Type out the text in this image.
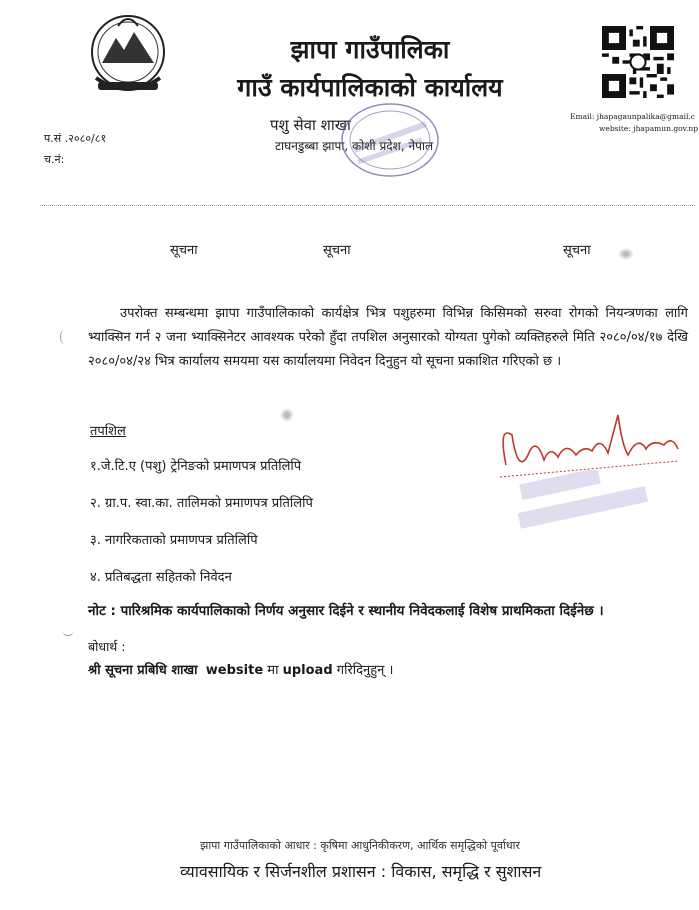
झापा गाउँपालिका
गाउँ कार्यपालिकाको कार्यालय
पशु सेवा शाखा
टाघनडुब्बा झापा, कोशी प्रदेश, नेपाल
Email: jhapagaunpalika@gmail.c
website: jhapamun.gov.np
प.सं .२०८०/८१
च.नं:
सूचना	सूचना	सूचना
उपरोक्त सम्बन्धमा झापा गाउँपालिकाको कार्यक्षेत्र भित्र पशुहरुमा विभिन्न किसिमको सरुवा रोगको नियन्त्रणका लागि भ्याक्सिन गर्न २ जना भ्याक्सिनेटर आवश्यक परेको हुँदा तपशिल अनुसारको योग्यता पुगेको व्यक्तिहरुले मिति २०८०/०४/१७ देखि २०८०/०४/२४ भित्र कार्यालय समयमा यस कार्यालयमा निवेदन दिनुहुन यो सूचना प्रकाशित गरिएको छ ।
तपशिल
१.जे.टि.ए (पशु) ट्रेनिङको प्रमाणपत्र प्रतिलिपि
२. ग्रा.प. स्वा.का. तालिमको प्रमाणपत्र प्रतिलिपि
३. नागरिकताको प्रमाणपत्र प्रतिलिपि
४. प्रतिबद्धता सहितको निवेदन
नोट : पारिश्रमिक कार्यपालिकाको निर्णय अनुसार दिईने र स्थानीय निवेदकलाई विशेष प्राथमिकता दिईनेछ ।
बोधार्थ :
श्री सूचना प्रबिधि शाखा website मा upload गरिदिनुहुन् ।
झापा गाउँपालिकाको आधार : कृषिमा आधुनिकीकरण, आर्थिक समृद्धिको पूर्वाधार
व्यावसायिक र सिर्जनशील प्रशासन : विकास, समृद्धि र सुशासन
